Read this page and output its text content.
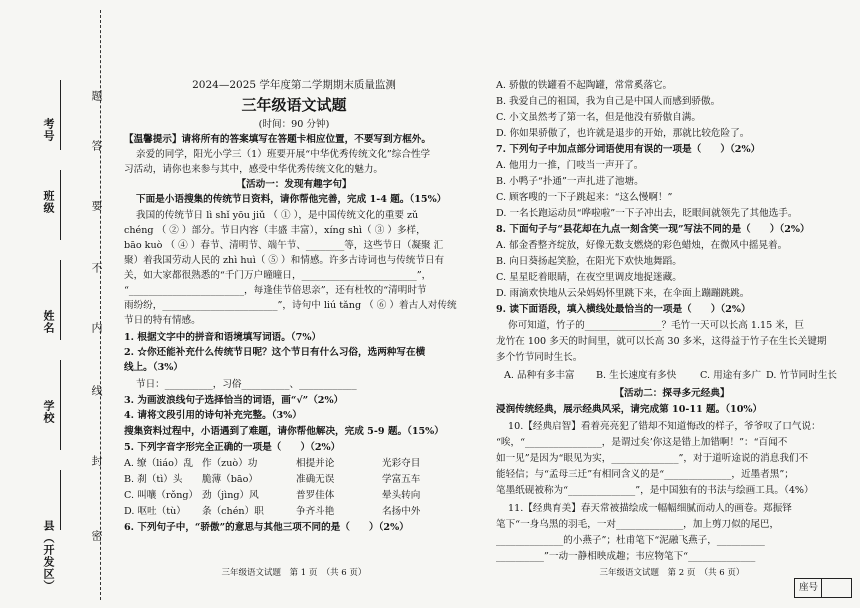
题
答
要
不
内
线
封
密
考号
班级
姓名
学校
县（开发区）
2024—2025 学年度第二学期期末质量监测
三年级语文试题
(时间：90 分钟)
【温馨提示】请将所有的答案填写在答题卡相应位置，不要写到方框外。
亲爱的同学，阳光小学三（1）班要开展“中华优秀传统文化”综合性学
习活动，请你也来参与其中，感受中华优秀传统文化的魅力。
【活动一：发现有趣字句】
下面是小语搜集的传统节日资料，请你帮他完善，完成 1-4 题。（15%）
我国的传统节日 lì shǐ yōu jiǔ （ ① ），是中国传统文化的重要 zǔ
chéng （ ② ）部分。节日内容（丰盛 丰富），xíng shì（ ③ ）多样，
bāo kuò （ ④ ）春节、清明节、端午节、________等，这些节日（凝聚 汇
聚）着我国劳动人民的 zhì huì（ ⑤ ）和情感。许多古诗词也与传统节日有
关，如大家都很熟悉的“千门万户曈曈日，________________________”，
“________________________，每逢佳节倍思亲”，还有杜牧的“清明时节
雨纷纷，________________________”，诗句中 liú tǎng （ ⑥ ）着古人对传统
节日的特有情感。
1. 根据文字中的拼音和语境填写词语。（7%）
2. ☆你还能补充什么传统节日呢？这个节日有什么习俗，选两种写在横
线上。（3%）
节日：__________，习俗__________、____________
3. 为画波浪线句子选择恰当的词语，画“√”（2%）
4. 请将文段引用的诗句补充完整。（3%）
搜集资料过程中，小语遇到了难题，请你帮他解决，完成 5-9 题。（15%）
5. 下列字音字形完全正确的一项是（　　）（2%）
A. 缭（liáo）乱 作（zuò）功	相提并论	光彩夺目
B. 刹（tì）头 脆薄（bāo）	准确无误	学富五车
C. 叫嚷（rǒng） 劲（jìng）风	普罗佳体	晕头转向
D. 呕吐（tù） 条（chén）职	争齐斗艳	名扬中外
6. 下列句子中，“骄傲”的意思与其他三项不同的是（　　）（2%）
三年级语文试题　第 1 页　（共 6 页）
A. 骄傲的铁罐看不起陶罐，常常奚落它。
B. 我爱自己的祖国，我为自己是中国人而感到骄傲。
C. 小文虽然考了第一名，但是他没有骄傲自满。
D. 你如果骄傲了，也许就是退步的开始，那就比较危险了。
7. 下列句子中加点部分词语使用有误的一项是（　　）（2%）
A. 他用力一推，门吱当一声开了。
B. 小鸭子“扑通”一声扎进了池塘。
C. 顾客嗖的一下子跳起来：“这么慢啊！”
D. 一名长跑运动员“哗啦啦”一下子冲出去，眨眼间就领先了其他选手。
8. 下面句子与“县花却在九点一刻含笑一现”写法不同的是（　　）（2%）
A. 郁金香整齐绽放，好像无数支燃烧的彩色蜡烛，在微风中摇晃着。
B. 向日葵扬起笑脸，在阳光下欢快地舞蹈。
C. 星星眨着眼睛，在夜空里调皮地捉迷藏。
D. 雨滴欢快地从云朵妈妈怀里跳下来，在伞面上蹦蹦跳跳。
9. 读下面语段，填入横线处最恰当的一项是（　　）（2%）
你可知道，竹子的________________？毛竹一天可以长高 1.15 米，巨
龙竹在 100 多天的时间里，就可以长高 30 多米，这得益于竹子在生长关键期
多个竹节同时生长。
A. 品种有多丰富 B. 生长速度有多快 C. 用途有多广 D. 竹节同时生长
【活动二：探寻多元经典】
浸润传统经典，展示经典风采，请完成第 10-11 题。（10%）
10.【经典启智】看着亮亮犯了错却不知道悔改的样子，爷爷叹了口气说：
“唉，“________________，是谓过矣’你这是错上加错啊！”：“百闻不
如一见”是因为“眼见为实，______________”，对于道听途说的消息我们不
能轻信；与“孟母三迁”有相同含义的是“______________，近墨者黑”；
笔墨纸砚被称为“______________”，是中国独有的书法与绘画工具。（4%）
11.【经典育美】春天常被描绘成一幅幅细腻而动人的画卷。郑振铎
笔下“一身乌黑的羽毛，一对______________，加上剪刀似的尾巴，
______________的小燕子”；杜甫笔下“泥融飞燕子，__________
__________”一动一静相映成趣；韦应物笔下“______________
三年级语文试题　第 2 页　（共 6 页）
座号
